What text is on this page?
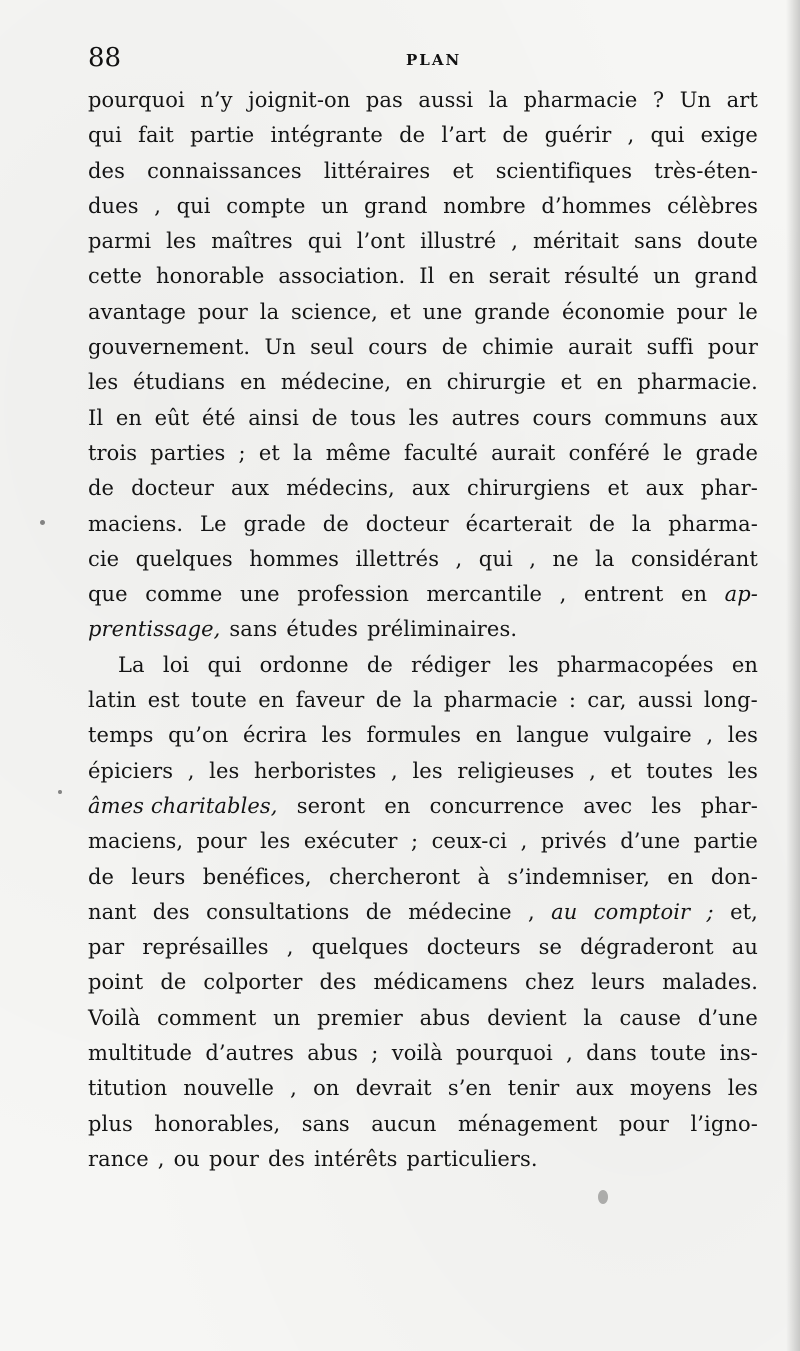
88	PLAN
pourquoi n’y joignit-on pas aussi la pharmacie ? Un art
qui fait partie intégrante de l’art de guérir , qui exige
des connaissances littéraires et scientifiques très-éten-
dues , qui compte un grand nombre d’hommes célèbres
parmi les maîtres qui l’ont illustré , méritait sans doute
cette honorable association. Il en serait résulté un grand
avantage pour la science, et une grande économie pour le
gouvernement. Un seul cours de chimie aurait suffi pour
les étudians en médecine, en chirurgie et en pharmacie.
Il en eût été ainsi de tous les autres cours communs aux
trois parties ; et la même faculté aurait conféré le grade
de docteur aux médecins, aux chirurgiens et aux phar-
maciens. Le grade de docteur écarterait de la pharma-
cie quelques hommes illettrés , qui , ne la considérant
que comme une profession mercantile , entrent en ap-
prentissage, sans études préliminaires.
La loi qui ordonne de rédiger les pharmacopées en
latin est toute en faveur de la pharmacie : car, aussi long-
temps qu’on écrira les formules en langue vulgaire , les
épiciers , les herboristes , les religieuses , et toutes les
âmes charitables, seront en concurrence avec les phar-
maciens, pour les exécuter ; ceux-ci , privés d’une partie
de leurs benéfices, chercheront à s’indemniser, en don-
nant des consultations de médecine , au comptoir ; et,
par représailles , quelques docteurs se dégraderont au
point de colporter des médicamens chez leurs malades.
Voilà comment un premier abus devient la cause d’une
multitude d’autres abus ; voilà pourquoi , dans toute ins-
titution nouvelle , on devrait s’en tenir aux moyens les
plus honorables, sans aucun ménagement pour l’igno-
rance , ou pour des intérêts particuliers.
